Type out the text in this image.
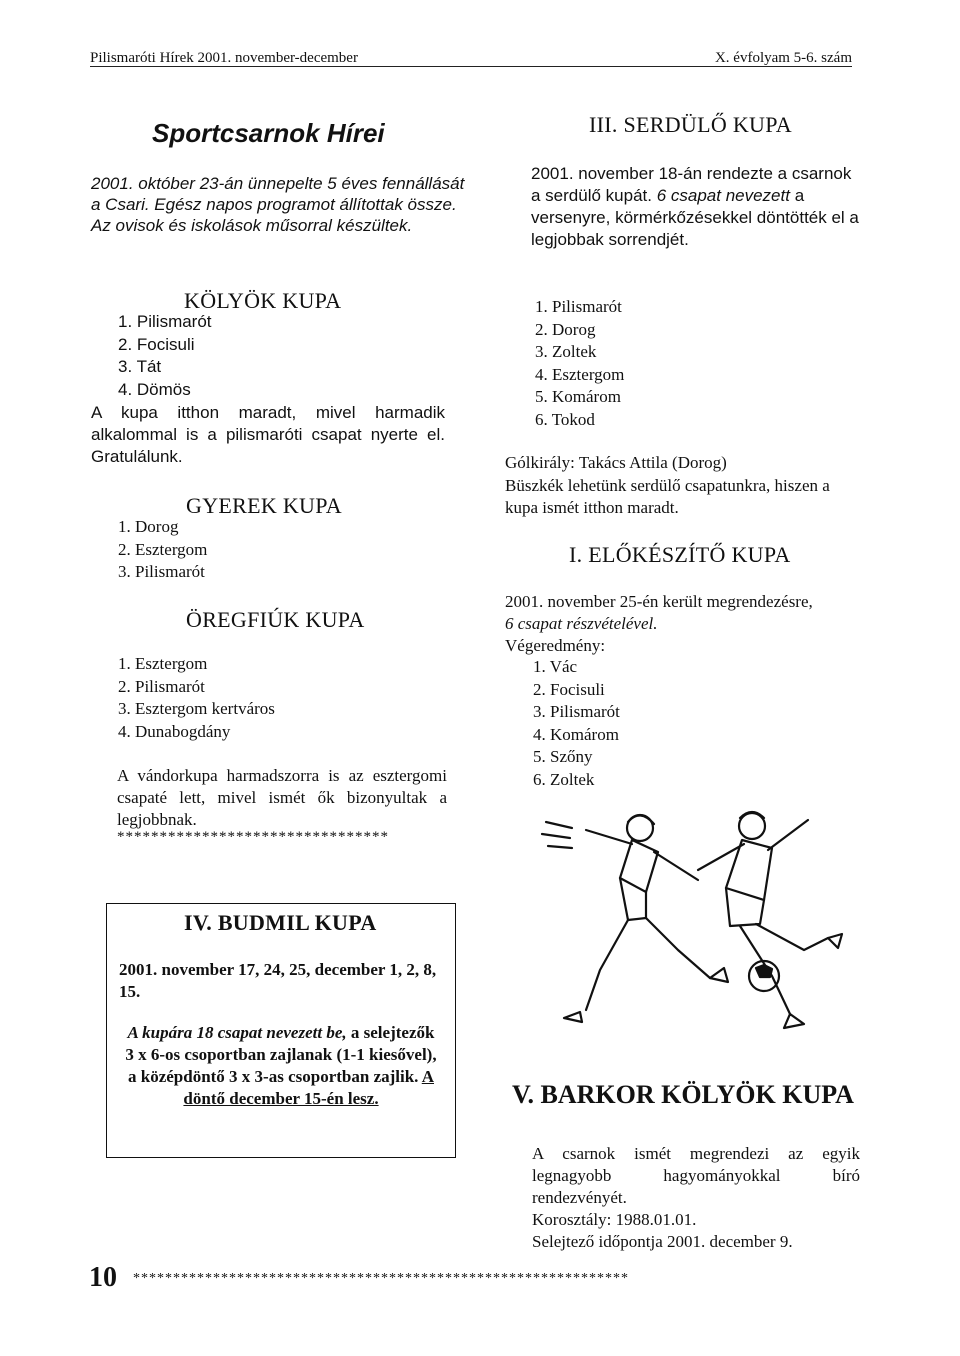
Pilismaróti Hírek 2001. november-december	X. évfolyam 5-6. szám
Sportcsarnok Hírei
2001. október 23-án ünnepelte 5 éves fennállását
a Csari. Egész napos programot állítottak össze.
Az ovisok és iskolások műsorral készültek.
KÖLYÖK KUPA
1. Pilismarót
2. Focisuli
3. Tát
4. Dömös
A kupa itthon maradt, mivel harmadik alkalommal is a pilismaróti csapat nyerte el. Gratulálunk.
GYEREK KUPA
1. Dorog
2. Esztergom
3. Pilismarót
ÖREGFIÚK KUPA
1. Esztergom
2. Pilismarót
3. Esztergom kertváros
4. Dunabogdány
A vándorkupa harmadszorra is az esztergomi csapaté lett, mivel ismét ők bizonyultak a legjobbnak.
********************************
IV. BUDMIL KUPA
2001. november 17, 24, 25, december 1, 2, 8, 15.
A kupára 18 csapat nevezett be, a selejtezők 3 x 6-os csoportban zajlanak (1-1 kiesővel), a középdöntő 3 x 3-as csoportban zajlik. A döntő december 15-én lesz.
III. SERDÜLŐ KUPA
2001. november 18-án rendezte a csarnok a serdülő kupát. 6 csapat nevezett a versenyre, körmérkőzésekkel döntötték el a legjobbak sorrendjét.
1. Pilismarót
2. Dorog
3. Zoltek
4. Esztergom
5. Komárom
6. Tokod
Gólkirály: Takács Attila (Dorog)
Büszkék lehetünk serdülő csapatunkra, hiszen a kupa ismét itthon maradt.
I. ELŐKÉSZÍTŐ KUPA
2001. november 25-én került megrendezésre,
6 csapat részvételével.
Végeredmény:
1. Vác
2. Focisuli
3. Pilismarót
4. Komárom
5. Szőny
6. Zoltek
V. BARKOR KÖLYÖK KUPA
A csarnok ismét megrendezi az egyik legnagyobb hagyományokkal bíró rendezvényét.
Korosztály: 1988.01.01.
Selejtező időpontja 2001. december 9.
10 **************************************************************
